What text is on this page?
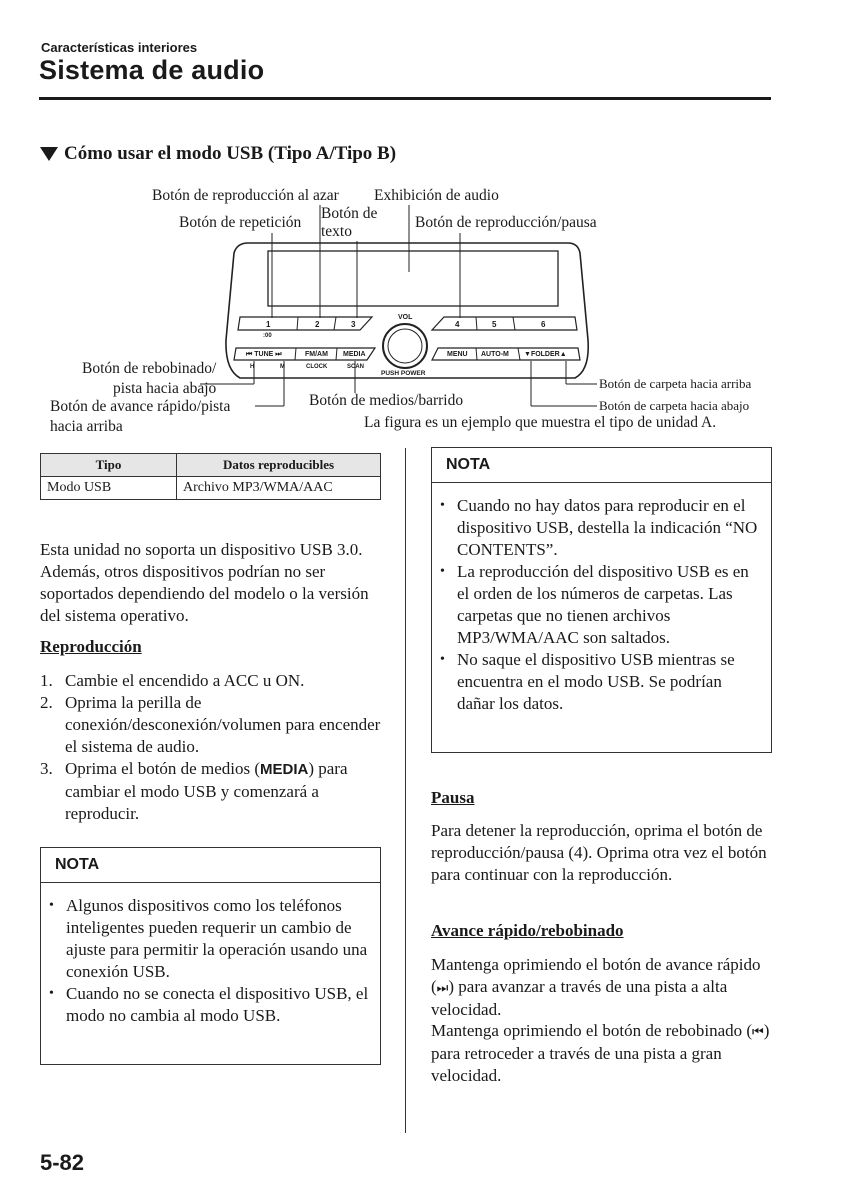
Características interiores
Sistema de audio
Cómo usar el modo USB (Tipo A/Tipo B)
1
:00
2	3	4	5	6
VOL
⏮ TUNE ⏭	FM/AM MEDIA	MENU AUTO-M ▼FOLDER▲
H	M	CLOCK	SCAN
PUSH POWER
Botón de reproducción al azar Exhibición de audio
Botón de repetición
Botón de
texto
Botón de reproducción/pausa
Botón de rebobinado/
pista hacia abajo
Botón de avance rápido/pista
hacia arriba
Botón de medios/barrido
Botón de carpeta hacia arriba
Botón de carpeta hacia abajo
La figura es un ejemplo que muestra el tipo de unidad A.
Tipo	Datos reproducibles
Modo USB	Archivo MP3/WMA/AAC
Esta unidad no soporta un dispositivo USB 3.0. Además, otros dispositivos podrían no ser soportados dependiendo del modelo o la versión del sistema operativo.
Reproducción
1. Cambie el encendido a ACC u ON.
2. Oprima la perilla de conexión/desconexión/volumen para encender el sistema de audio.
3. Oprima el botón de medios (MEDIA) para cambiar el modo USB y comenzará a reproducir.
NOTA
• Algunos dispositivos como los teléfonos inteligentes pueden requerir un cambio de ajuste para permitir la operación usando una conexión USB.
• Cuando no se conecta el dispositivo USB, el modo no cambia al modo USB.
NOTA
• Cuando no hay datos para reproducir en el dispositivo USB, destella la indicación “NO CONTENTS”.
• La reproducción del dispositivo USB es en el orden de los números de carpetas. Las carpetas que no tienen archivos MP3/WMA/AAC son saltados.
• No saque el dispositivo USB mientras se encuentra en el modo USB. Se podrían dañar los datos.
Pausa
Para detener la reproducción, oprima el botón de reproducción/pausa (4). Oprima otra vez el botón para continuar con la reproducción.
Avance rápido/rebobinado
Mantenga oprimiendo el botón de avance rápido (⏭) para avanzar a través de una pista a alta velocidad.
Mantenga oprimiendo el botón de rebobinado (⏮) para retroceder a través de una pista a gran velocidad.
5-82
